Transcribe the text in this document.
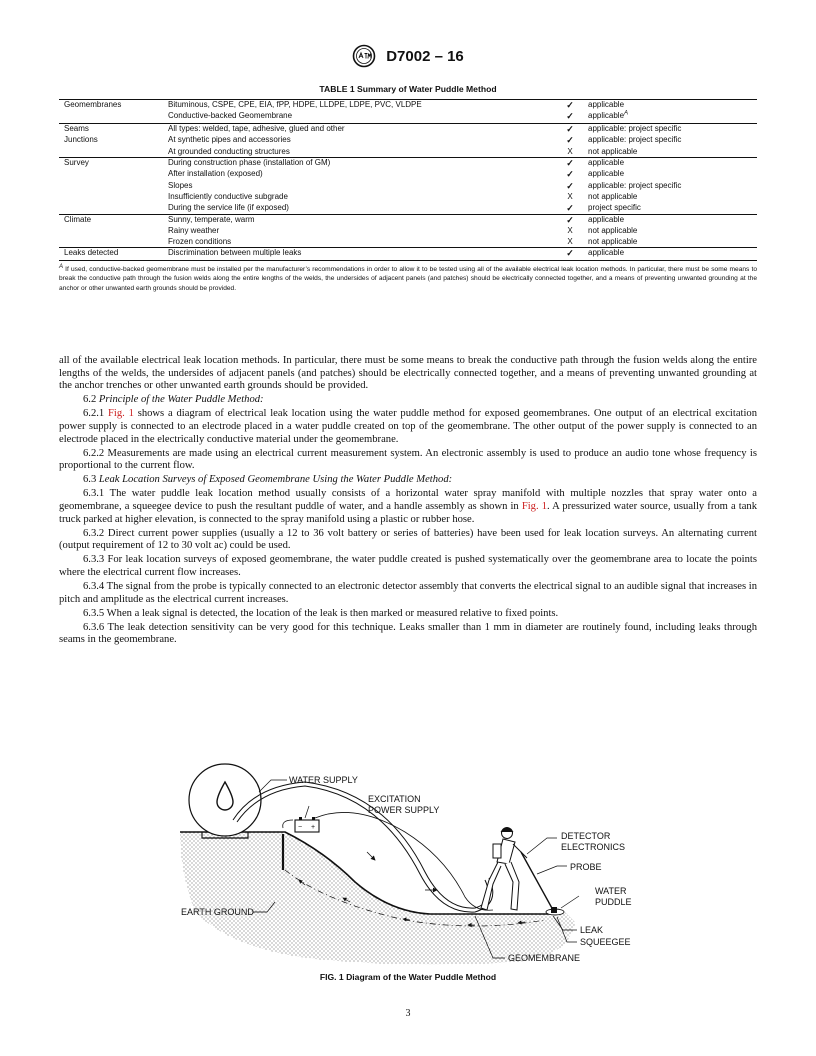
D7002 – 16
TABLE 1 Summary of Water Puddle Method
Geomembranes	Bituminous, CSPE, CPE, EIA, fPP, HDPE, LLDPE, LDPE, PVC, VLDPE	✓	applicable
	Conductive-backed Geomembrane	✓	applicable$^A$
Seams	All types: welded, tape, adhesive, glued and other	✓	applicable: project specific
Junctions	At synthetic pipes and accessories	✓	applicable: project specific
	At grounded conducting structures	X	not applicable
Survey	During construction phase (installation of GM)	✓	applicable
	After installation (exposed)	✓	applicable
	Slopes	✓	applicable: project specific
	Insufficiently conductive subgrade	X	not applicable
	During the service life (if exposed)	✓	project specific
Climate	Sunny, temperate, warm	✓	applicable
	Rainy weather	X	not applicable
	Frozen conditions	X	not applicable
Leaks detected	Discrimination between multiple leaks	✓	applicable
$^A$ If used, conductive-backed geomembrane must be installed per the manufacturer’s recommendations in order to allow it to be tested using all of the available electrical leak location methods. In particular, there must be some means to break the conductive path through the fusion welds along the entire lengths of the welds, the undersides of adjacent panels (and patches) should be electrically connected together, and a means of preventing unwanted grounding at the anchor or other unwanted earth grounds should be provided.

all of the available electrical leak location methods. In particular, there must be some means to break the conductive path through the fusion welds along the entire lengths of the welds, the undersides of adjacent panels (and patches) should be electrically connected together, and a means of preventing unwanted grounding at the anchor trenches or other unwanted earth grounds should be provided.

6.2 Principle of the Water Puddle Method:

6.2.1 Fig. 1 shows a diagram of electrical leak location using the water puddle method for exposed geomembranes. One output of an electrical excitation power supply is connected to an electrode placed in a water puddle created on top of the geomembrane. The other output of the power supply is connected to an electrode placed in the electrically conductive material under the geomembrane.

6.2.2 Measurements are made using an electrical current measurement system. An electronic assembly is used to produce an audio tone whose frequency is proportional to the current flow.

6.3 Leak Location Surveys of Exposed Geomembrane Using the Water Puddle Method:

6.3.1 The water puddle leak location method usually consists of a horizontal water spray manifold with multiple nozzles that spray water onto a geomembrane, a squeegee device to push the resultant puddle of water, and a handle assembly as shown in Fig. 1. A pressurized water source, usually from a tank truck parked at higher elevation, is connected to the spray manifold using a plastic or rubber hose.

6.3.2 Direct current power supplies (usually a 12 to 36 volt battery or series of batteries) have been used for leak location surveys. An alternating current (output requirement of 12 to 30 volt ac) could be used.

6.3.3 For leak location surveys of exposed geomembrane, the water puddle created is pushed systematically over the geomembrane area to locate the points where the electrical current flow increases.

6.3.4 The signal from the probe is typically connected to an electronic detector assembly that converts the electrical signal to an audible signal that increases in pitch and amplitude as the electrical current increases.

6.3.5 When a leak signal is detected, the location of the leak is then marked or measured relative to fixed points.

6.3.6 The leak detection sensitivity can be very good for this technique. Leaks smaller than 1 mm in diameter are routinely found, including leaks through seams in the geomembrane.

− +
WATER SUPPLY
EXCITATION
POWER SUPPLY
DETECTOR
ELECTRONICS
PROBE
WATER
PUDDLE
EARTH GROUND
LEAK
SQUEEGEE
GEOMEMBRANE
FIG. 1 Diagram of the Water Puddle Method
3
